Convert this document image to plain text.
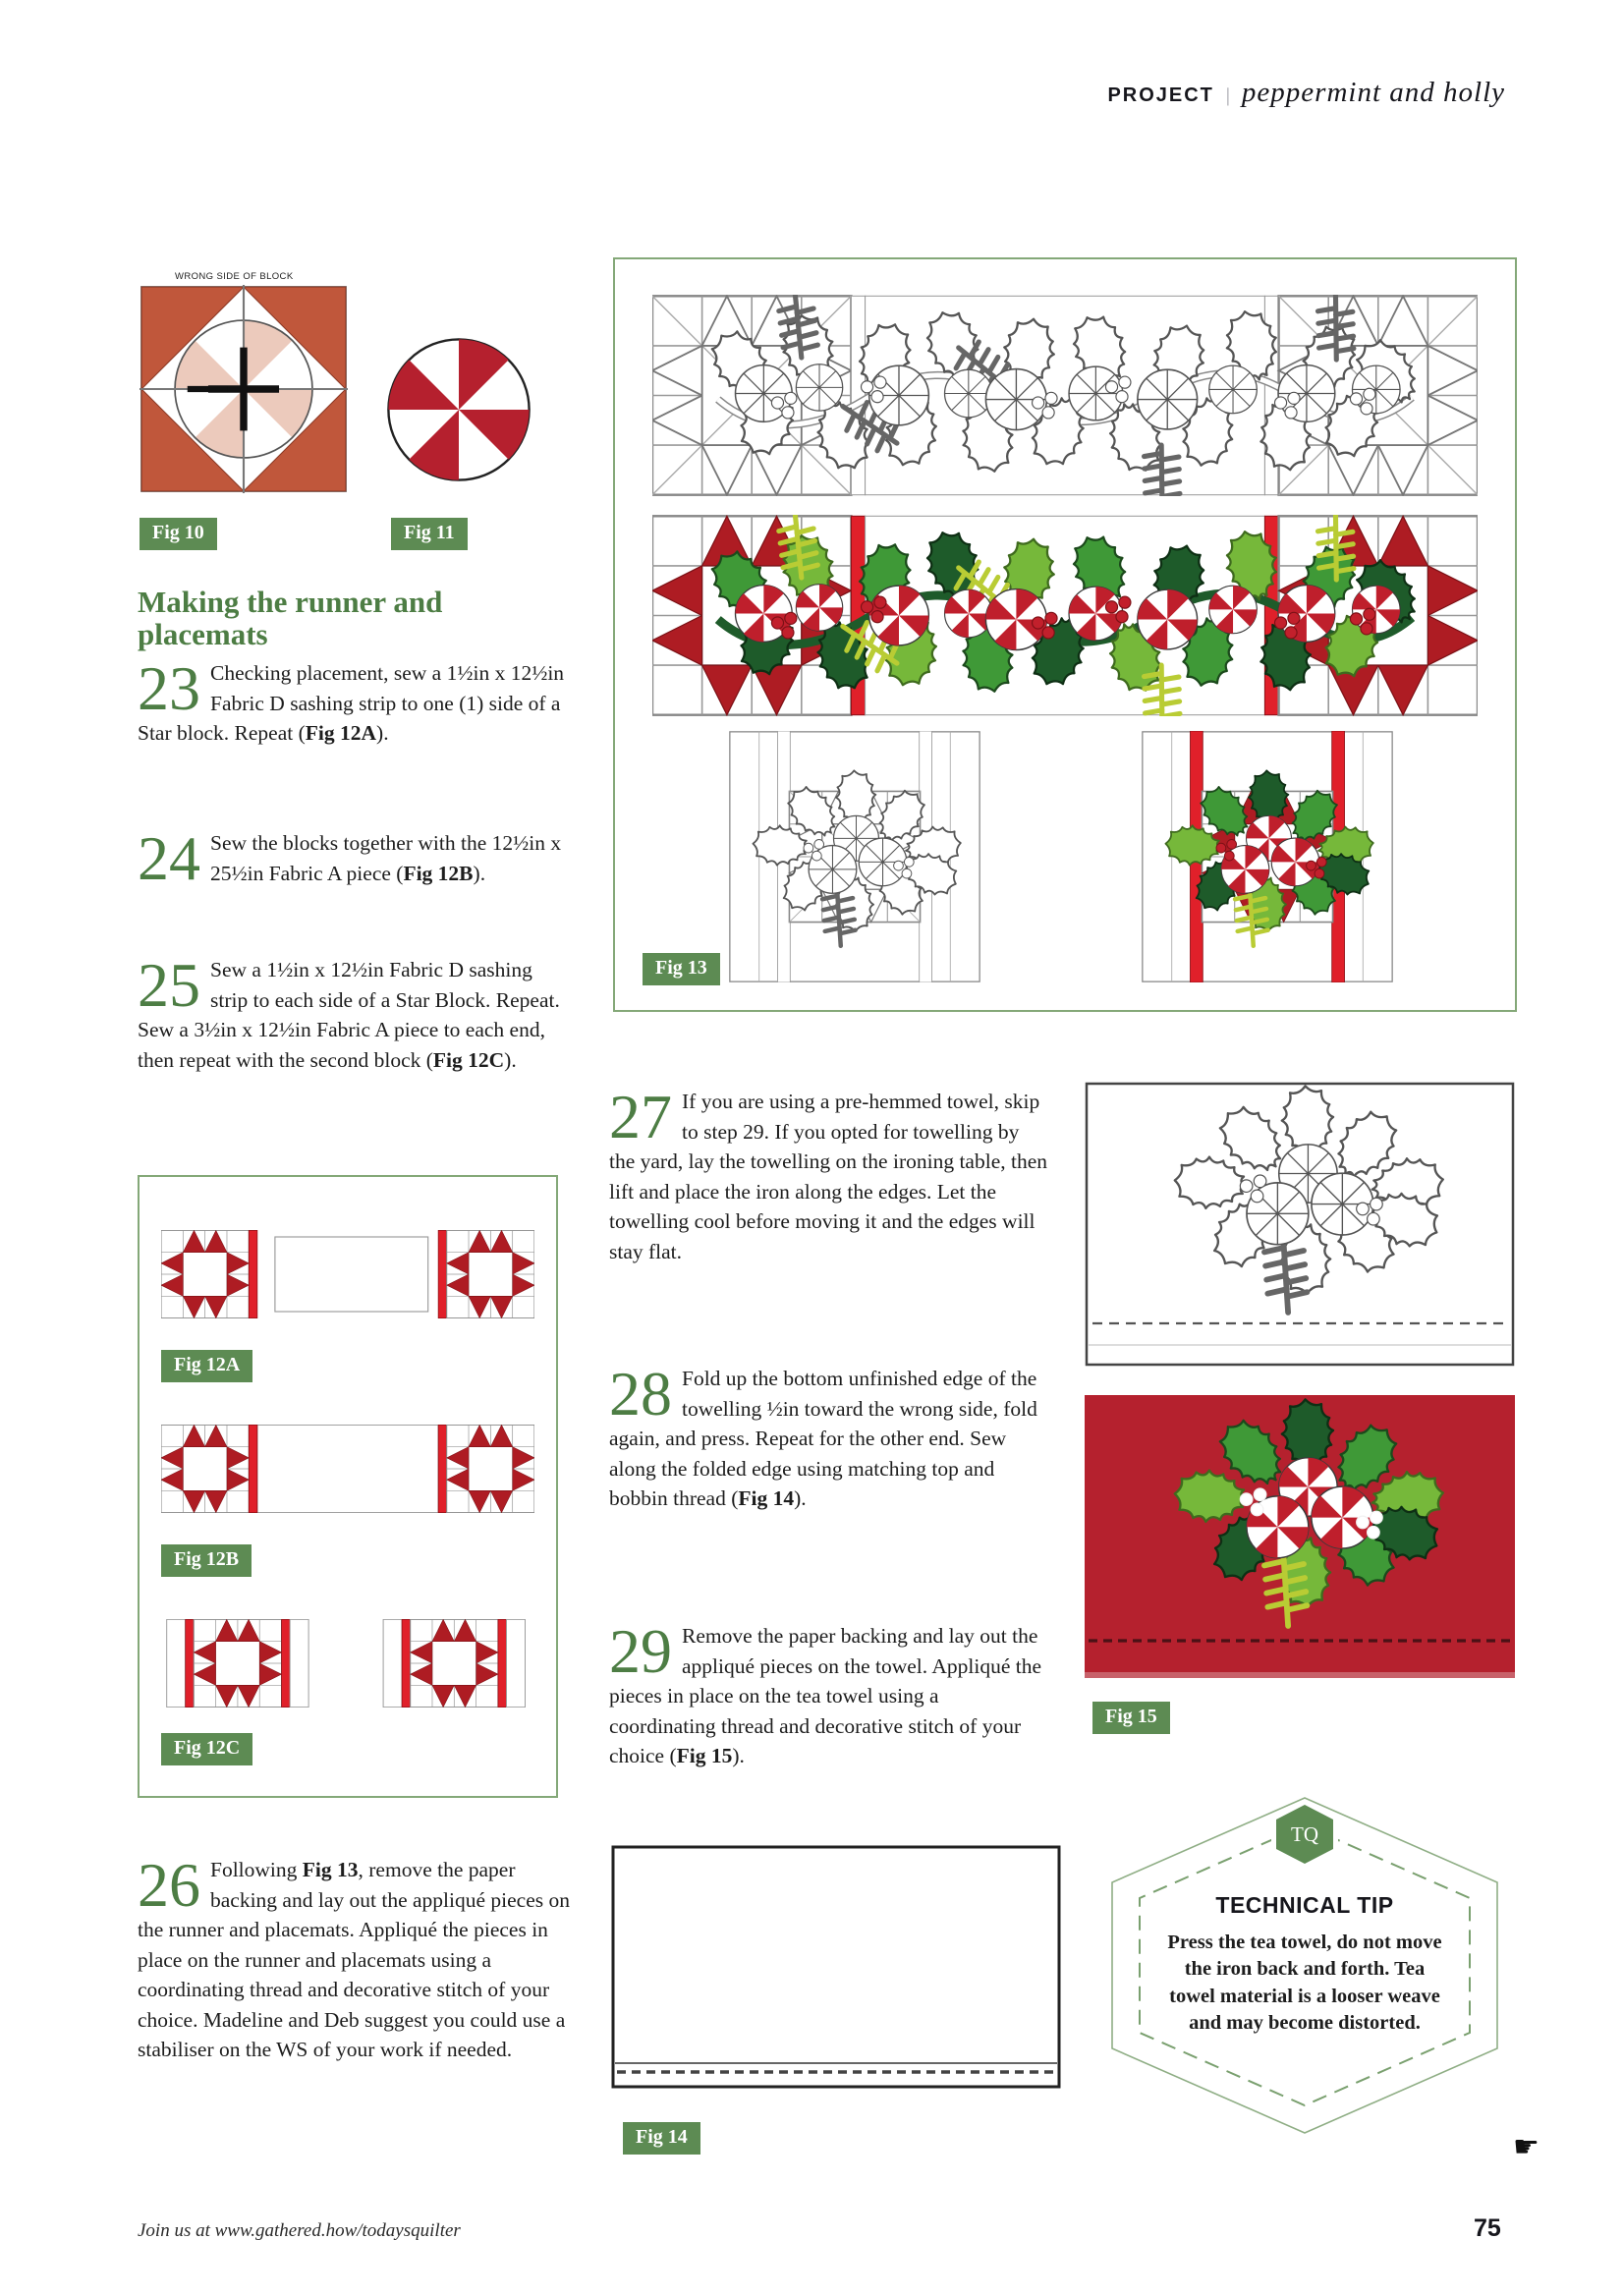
PROJECT | peppermint and holly
WRONG SIDE OF BLOCK
Fig 10	Fig 11
Making the runner and placemats
23 Checking placement, sew a 1½in x 12½in Fabric D sashing strip to one (1) side of a Star block. Repeat (Fig 12A).
24 Sew the blocks together with the 12½in x 25½in Fabric A piece (Fig 12B).
25 Sew a 1½in x 12½in Fabric D sashing strip to each side of a Star Block. Repeat. Sew a 3½in x 12½in Fabric A piece to each end, then repeat with the second block (Fig 12C).
Fig 12A
Fig 12B
Fig 12C
26 Following Fig 13, remove the paper backing and lay out the appliqué pieces on the runner and placemats. Appliqué the pieces in place on the runner and placemats using a coordinating thread and decorative stitch of your choice. Madeline and Deb suggest you could use a stabiliser on the WS of your work if needed.
Fig 13
27 If you are using a pre-hemmed towel, skip to step 29. If you opted for towelling by the yard, lay the towelling on the ironing table, then lift and place the iron along the edges. Let the towelling cool before moving it and the edges will stay flat.
28 Fold up the bottom unfinished edge of the towelling ½in toward the wrong side, fold again, and press. Repeat for the other end. Sew along the folded edge using matching top and bobbin thread (Fig 14).
29 Remove the paper backing and lay out the appliqué pieces on the towel. Appliqué the pieces in place on the tea towel using a coordinating thread and decorative stitch of your choice (Fig 15).
Fig 14
Fig 15
TQ
TECHNICAL TIP
Press the tea towel, do not move the iron back and forth. Tea towel material is a looser weave and may become distorted.
☛
Join us at www.gathered.how/todaysquilter	75
